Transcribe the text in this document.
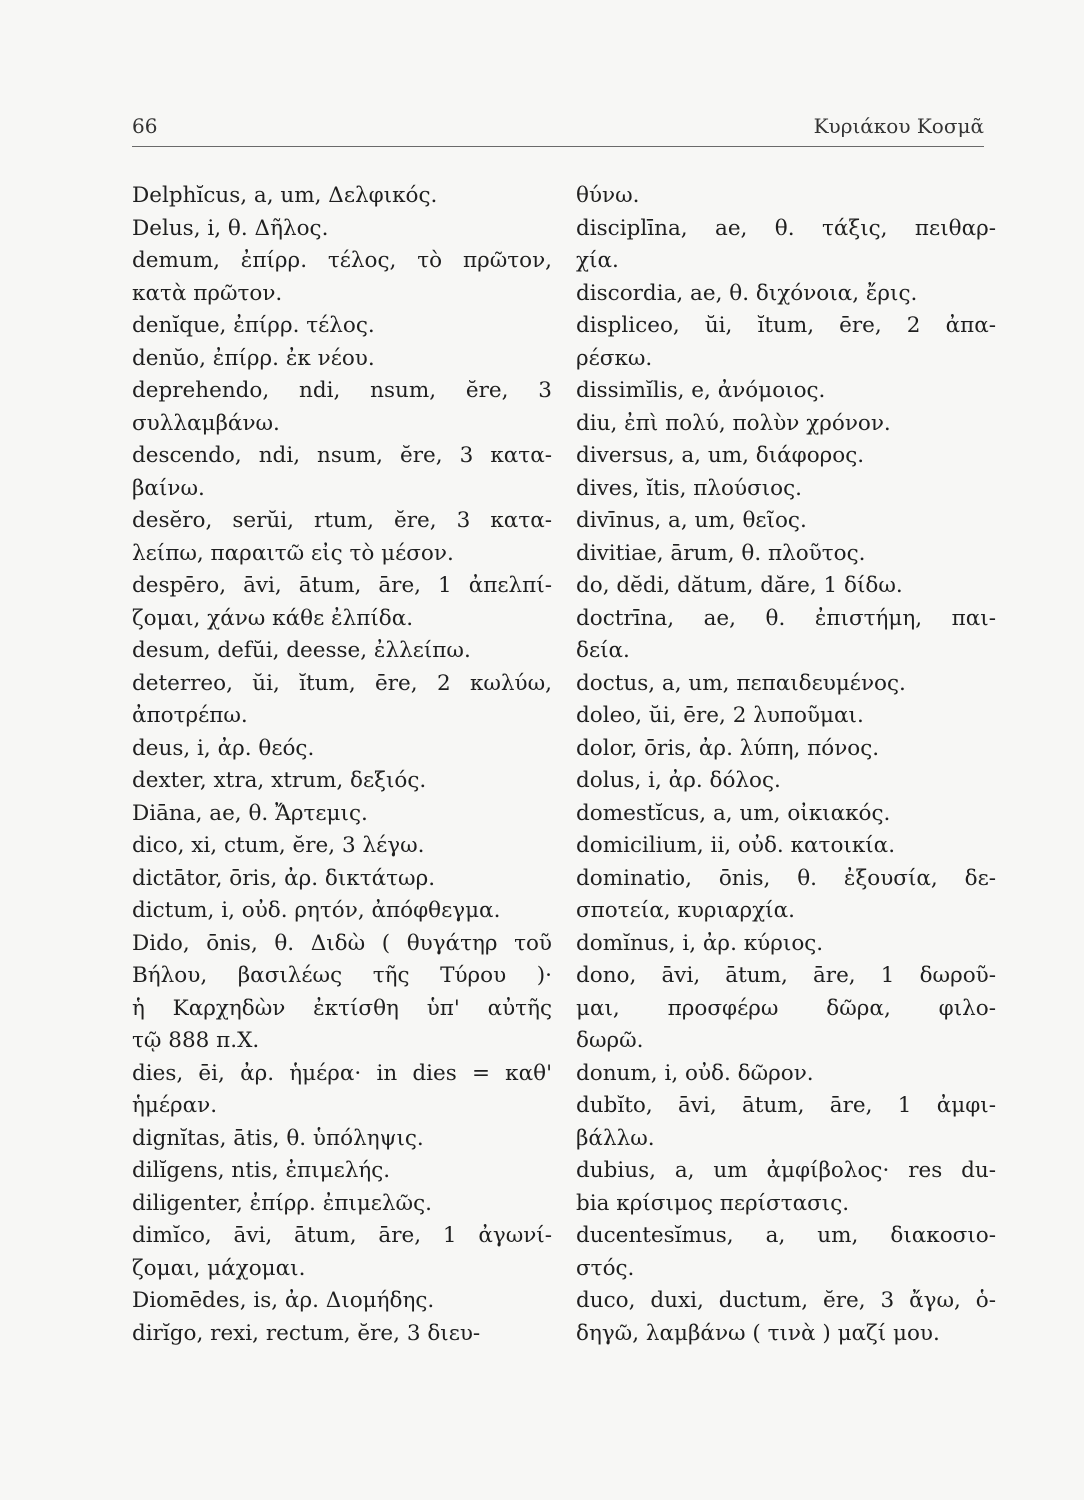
66	Κυριάκου Κοσμᾶ
Delphĭcus, a, um, Δελφικός.
Delus, i, θ. Δῆλος.
demum, ἐπίρρ. τέλος, τὸ πρῶτον,
κατὰ πρῶτον.
denĭque, ἐπίρρ. τέλος.
denŭo, ἐπίρρ. ἐκ νέου.
deprehendo, ndi, nsum, ĕre, 3
συλλαμβάνω.
descendo, ndi, nsum, ĕre, 3 κατα-
βαίνω.
desĕro, serŭi, rtum, ĕre, 3 κατα-
λείπω, παραιτῶ εἰς τὸ μέσον.
despēro, āvi, ātum, āre, 1 ἀπελπί-
ζομαι, χάνω κάθε ἐλπίδα.
desum, defŭi, deesse, ἐλλείπω.
deterreo, ŭi, ĭtum, ēre, 2 κωλύω,
ἀποτρέπω.
deus, i, ἀρ. θεός.
dexter, xtra, xtrum, δεξιός.
Diāna, ae, θ. Ἄρτεμις.
dico, xi, ctum, ĕre, 3 λέγω.
dictātor, ōris, ἀρ. δικτάτωρ.
dictum, i, οὐδ. ρητόν, ἀπόφθεγμα.
Dido, ōnis, θ. Διδὼ ( θυγάτηρ τοῦ
Βήλου, βασιλέως τῆς Τύρου )·
ἡ Καρχηδὼν ἐκτίσθη ὑπ' αὐτῆς
τῷ 888 π.Χ.
dies, ēi, ἀρ. ἡμέρα· in dies = καθ'
ἡμέραν.
dignĭtas, ātis, θ. ὑπόληψις.
dilĭgens, ntis, ἐπιμελής.
diligenter, ἐπίρρ. ἐπιμελῶς.
dimĭco, āvi, ātum, āre, 1 ἀγωνί-
ζομαι, μάχομαι.
Diomēdes, is, ἀρ. Διομήδης.
dirĭgo, rexi, rectum, ĕre, 3 διευ-
θύνω.
disciplīna, ae, θ. τάξις, πειθαρ-
χία.
discordia, ae, θ. διχόνοια, ἔρις.
displiceo, ŭi, ĭtum, ēre, 2 ἀπα-
ρέσκω.
dissimĭlis, e, ἀνόμοιος.
diu, ἐπὶ πολύ, πολὺν χρόνον.
diversus, a, um, διάφορος.
dives, ĭtis, πλούσιος.
divīnus, a, um, θεῖος.
divitiae, ārum, θ. πλοῦτος.
do, dĕdi, dătum, dăre, 1 δίδω.
doctrīna, ae, θ. ἐπιστήμη, παι-
δεία.
doctus, a, um, πεπαιδευμένος.
doleo, ŭi, ēre, 2 λυποῦμαι.
dolor, ōris, ἀρ. λύπη, πόνος.
dolus, i, ἀρ. δόλος.
domestĭcus, a, um, οἰκιακός.
domicilium, ii, οὐδ. κατοικία.
dominatio, ōnis, θ. ἐξουσία, δε-
σποτεία, κυριαρχία.
domĭnus, i, ἀρ. κύριος.
dono, āvi, ātum, āre, 1 δωροῦ-
μαι, προσφέρω δῶρα, φιλο-
δωρῶ.
donum, i, οὐδ. δῶρον.
dubĭto, āvi, ātum, āre, 1 ἀμφι-
βάλλω.
dubius, a, um ἀμφίβολος· res du-
bia κρίσιμος περίστασις.
ducentesĭmus, a, um, διακοσιο-
στός.
duco, duxi, ductum, ĕre, 3 ἄγω, ὁ-
δηγῶ, λαμβάνω ( τινὰ ) μαζί μου.
